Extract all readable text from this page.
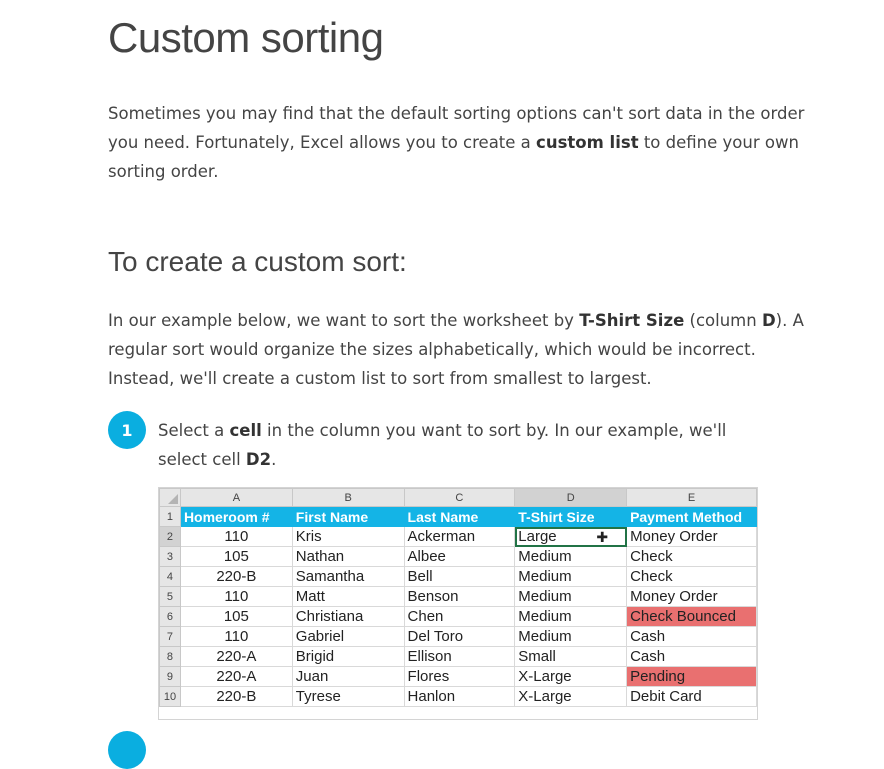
Custom sorting

Sometimes you may find that the default sorting options can't sort data in the order you need. Fortunately, Excel allows you to create a custom list to define your own sorting order.

To create a custom sort:

In our example below, we want to sort the worksheet by T-Shirt Size (column D). A regular sort would organize the sizes alphabetically, which would be incorrect. Instead, we'll create a custom list to sort from smallest to largest.

1	Select a cell in the column you want to sort by. In our example, we'll select cell D2.

	A	B	C	D	E
1	Homeroom #	First Name	Last Name	T-Shirt Size	Payment Method
2	110	Kris	Ackerman	Large ✚	Money Order
3	105	Nathan	Albee	Medium	Check
4	220-B	Samantha	Bell	Medium	Check
5	110	Matt	Benson	Medium	Money Order
6	105	Christiana	Chen	Medium	Check Bounced
7	110	Gabriel	Del Toro	Medium	Cash
8	220-A	Brigid	Ellison	Small	Cash
9	220-A	Juan	Flores	X-Large	Pending
10	220-B	Tyrese	Hanlon	X-Large	Debit Card
